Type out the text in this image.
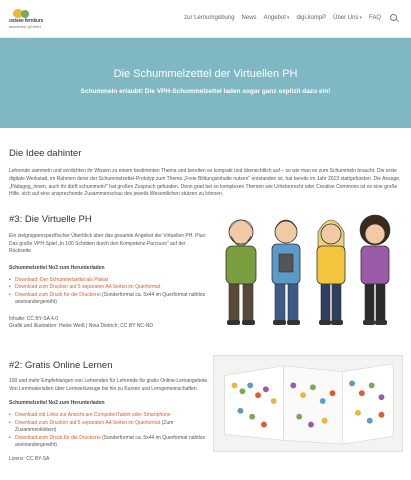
ostsee fernkurs
akademie gGmbH
zur Lernumgebung News Angebot▾ digi.kompP Über Uns▾ FAQ
Die Schummelzettel der Virtuellen PH

Schummeln erlaubt! Die VPH-Schummelzettel laden sogar ganz explizit dazu ein!

Die Idee dahinter

Lehrende sammeln und verdichten ihr Wissen zu einem bestimmten Thema und bereiten es kompakt und übersichtlich auf – so wie man es zum Schummeln braucht. Die erste digitale Werkstatt, im Rahmen derer der Schummelzettel-Prototyp zum Thema „Freie Bildungsinhalte nutzen" entstanden ist, hat bereits im Jahr 2013 stattgefunden. Die Ansage, „Pädagog_innen, auch ihr dürft schummeln!" hat großen Zuspruch gefunden. Denn grad bei so komplexen Themen wie Urheberrecht oder Creative Commons ist es eine große Hilfe, sich auf eine ansprechende Zusammenschau des jeweils Wesentlichen stützen zu können.

#3: Die Virtuelle PH

Ein zielgruppenspezifischer Überblick über das gesamte Angebot der Virtuellen PH. Plus: Das große VPH-Spiel „In 100 Schritten durch den Kompetenz-Parcours" auf der Rückseite.

Schummelzettel No3 zum Herunterladen

• Download: Der Schummelzettel als Plakat
• Download zum Drucken auf 5 separaten A4 Seiten im Querformat
• Download zum Druck für die Druckerei (Sonderformat ca. 5x44 im Querformat nahtlos aneinandergereiht)

Inhalte: CC BY-SA 4.0

Grafik und Illustration: Heike Weiß | Nina Dietrich; CC BY NC-ND

#2: Gratis Online Lernen

100 und mehr Empfehlungen von Lehrenden für Lehrende für gratis Online-Lernangebote. Von Lernmaterialien über Lernwerkzeuge bis hin zu Kursen und Lerngemeinschaften.

Schummelzettel No2 zum Herunterladen

• Download mit Links zur Ansicht am Computer/Tablet oder Smartphone
• Download zum Drucken auf 5 separaten A4 Seiten im Querformat (Zum Zusammenkleben)
• Download zum Druck für die Druckerei (Sonderformat ca. 5x44 im Querformat nahtlos aneinandergereiht)

Lizenz: CC BY-SA
